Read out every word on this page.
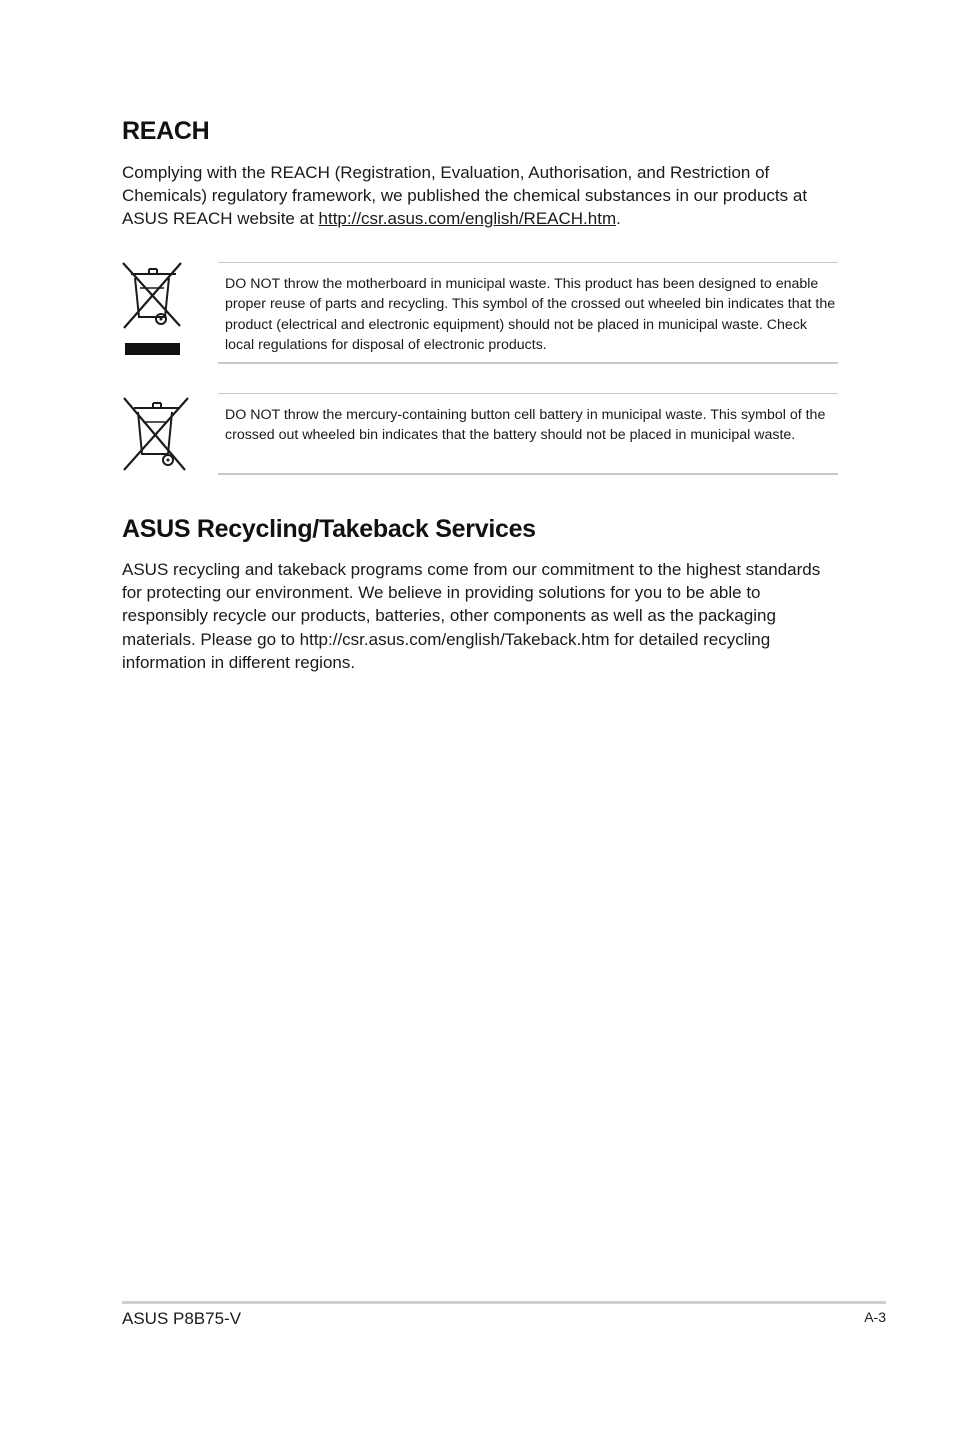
REACH

Complying with the REACH (Registration, Evaluation, Authorisation, and Restriction of Chemicals) regulatory framework, we published the chemical substances in our products at ASUS REACH website at http://csr.asus.com/english/REACH.htm.

DO NOT throw the motherboard in municipal waste. This product has been designed to enable proper reuse of parts and recycling. This symbol of the crossed out wheeled bin indicates that the product (electrical and electronic equipment) should not be placed in municipal waste. Check local regulations for disposal of electronic products.

DO NOT throw the mercury-containing button cell battery in municipal waste. This symbol of the crossed out wheeled bin indicates that the battery should not be placed in municipal waste.

ASUS Recycling/Takeback Services

ASUS recycling and takeback programs come from our commitment to the highest standards for protecting our environment. We believe in providing solutions for you to be able to responsibly recycle our products, batteries, other components as well as the packaging materials. Please go to http://csr.asus.com/english/Takeback.htm for detailed recycling information in different regions.

ASUS P8B75-V	A-3
